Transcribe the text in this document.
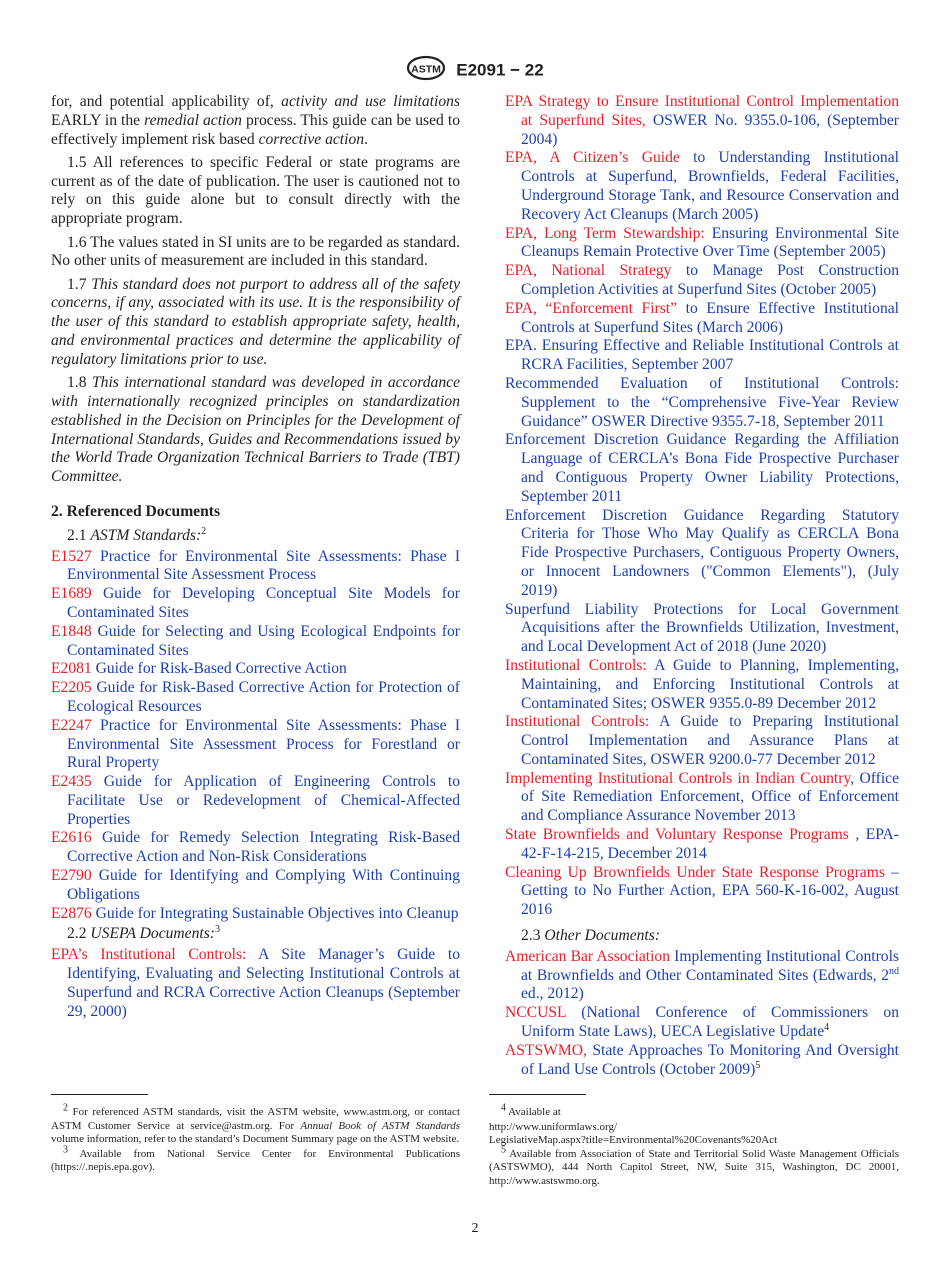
ASTM E2091 − 22

for, and potential applicability of, activity and use limitations EARLY in the remedial action process. This guide can be used to effectively implement risk based corrective action.

1.5 All references to specific Federal or state programs are current as of the date of publication. The user is cautioned not to rely on this guide alone but to consult directly with the appropriate program.

1.6 The values stated in SI units are to be regarded as standard. No other units of measurement are included in this standard.

1.7 This standard does not purport to address all of the safety concerns, if any, associated with its use. It is the responsibility of the user of this standard to establish appropriate safety, health, and environmental practices and determine the applicability of regulatory limitations prior to use.

1.8 This international standard was developed in accordance with internationally recognized principles on standardization established in the Decision on Principles for the Development of International Standards, Guides and Recommendations issued by the World Trade Organization Technical Barriers to Trade (TBT) Committee.

2. Referenced Documents
2.1 ASTM Standards:$^2$

E1527 Practice for Environmental Site Assessments: Phase I Environmental Site Assessment Process

E1689 Guide for Developing Conceptual Site Models for Contaminated Sites

E1848 Guide for Selecting and Using Ecological Endpoints for Contaminated Sites

E2081 Guide for Risk-Based Corrective Action

E2205 Guide for Risk-Based Corrective Action for Protection of Ecological Resources

E2247 Practice for Environmental Site Assessments: Phase I Environmental Site Assessment Process for Forestland or Rural Property

E2435 Guide for Application of Engineering Controls to Facilitate Use or Redevelopment of Chemical-Affected Properties

E2616 Guide for Remedy Selection Integrating Risk-Based Corrective Action and Non-Risk Considerations

E2790 Guide for Identifying and Complying With Continuing Obligations

E2876 Guide for Integrating Sustainable Objectives into Cleanup

2.2 USEPA Documents:$^3$

EPA’s Institutional Controls: A Site Manager’s Guide to Identifying, Evaluating and Selecting Institutional Controls at Superfund and RCRA Corrective Action Cleanups (September 29, 2000)

EPA Strategy to Ensure Institutional Control Implementation at Superfund Sites, OSWER No. 9355.0-106, (September 2004)

EPA, A Citizen’s Guide to Understanding Institutional Controls at Superfund, Brownfields, Federal Facilities, Underground Storage Tank, and Resource Conservation and Recovery Act Cleanups (March 2005)

EPA, Long Term Stewardship: Ensuring Environmental Site Cleanups Remain Protective Over Time (September 2005)

EPA, National Strategy to Manage Post Construction Completion Activities at Superfund Sites (October 2005)

EPA, “Enforcement First” to Ensure Effective Institutional Controls at Superfund Sites (March 2006)

EPA. Ensuring Effective and Reliable Institutional Controls at RCRA Facilities, September 2007

Recommended Evaluation of Institutional Controls: Supplement to the “Comprehensive Five-Year Review Guidance” OSWER Directive 9355.7-18, September 2011

Enforcement Discretion Guidance Regarding the Affiliation Language of CERCLA’s Bona Fide Prospective Purchaser and Contiguous Property Owner Liability Protections, September 2011

Enforcement Discretion Guidance Regarding Statutory Criteria for Those Who May Qualify as CERCLA Bona Fide Prospective Purchasers, Contiguous Property Owners, or Innocent Landowners ("Common Elements"), (July 2019)

Superfund Liability Protections for Local Government Acquisitions after the Brownfields Utilization, Investment, and Local Development Act of 2018 (June 2020)

Institutional Controls: A Guide to Planning, Implementing, Maintaining, and Enforcing Institutional Controls at Contaminated Sites; OSWER 9355.0-89 December 2012

Institutional Controls: A Guide to Preparing Institutional Control Implementation and Assurance Plans at Contaminated Sites, OSWER 9200.0-77 December 2012

Implementing Institutional Controls in Indian Country, Office of Site Remediation Enforcement, Office of Enforcement and Compliance Assurance November 2013

State Brownfields and Voluntary Response Programs , EPA-42-F-14-215, December 2014

Cleaning Up Brownfields Under State Response Programs – Getting to No Further Action, EPA 560-K-16-002, August 2016

2.3 Other Documents:

American Bar Association Implementing Institutional Controls at Brownfields and Other Contaminated Sites (Edwards, 2nd ed., 2012)

NCCUSL (National Conference of Commissioners on Uniform State Laws), UECA Legislative Update$^4$

ASTSWMO, State Approaches To Monitoring And Oversight of Land Use Controls (October 2009)$^5$

$^2$ For referenced ASTM standards, visit the ASTM website, www.astm.org, or contact ASTM Customer Service at service@astm.org. For Annual Book of ASTM Standards volume information, refer to the standard’s Document Summary page on the ASTM website.

$^3$ Available from National Service Center for Environmental Publications (https://.nepis.epa.gov).

$^4$ Available at

http://www.uniformlaws.org/

LegislativeMap.aspx?title=Environmental%20Covenants%20Act

$^5$ Available from Association of State and Territorial Solid Waste Management Officials (ASTSWMO), 444 North Capitol Street, NW, Suite 315, Washington, DC 20001, http://www.astswmo.org.

2
